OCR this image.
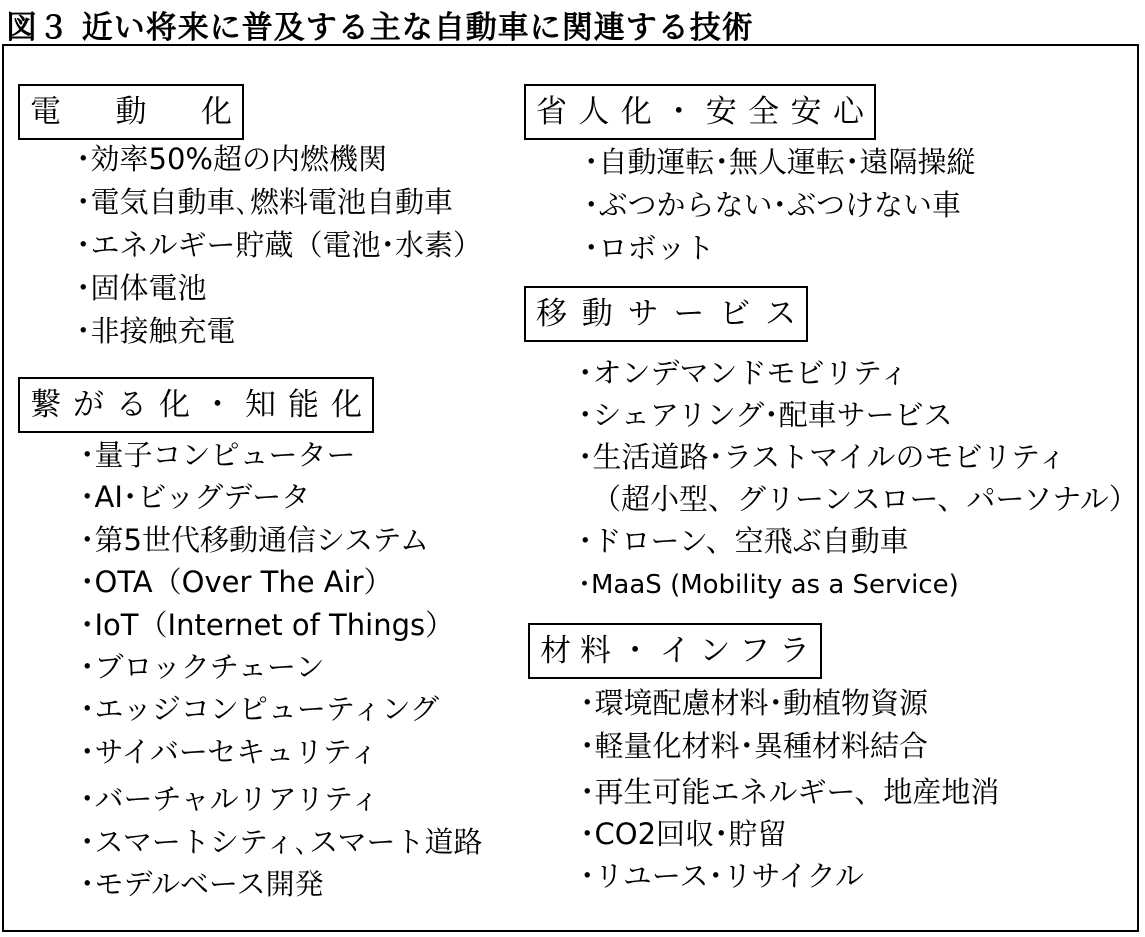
図３ 近い将来に普及する主な自動車に関連する技術
電 動 化
･効率50%超の内燃機関
･電気自動車､燃料電池自動車
･エネルギー貯蔵（電池･水素）
･固体電池
･非接触充電
繋 が る 化 ・ 知 能 化
･量子コンピューター
･AI･ビッグデータ
･第5世代移動通信システム
･OTA（Over The Air）
･IoT（Internet of Things）
･ブロックチェーン
･エッジコンピューティング
･サイバーセキュリティ
･バーチャルリアリティ
･スマートシティ､スマート道路
･モデルベース開発
省 人 化 ・ 安 全 安 心
･自動運転･無人運転･遠隔操縦
･ぶつからない･ぶつけない車
･ロボット
移 動 サ ー ビ ス
･オンデマンドモビリティ
･シェアリング･配車サービス
･生活道路･ラストマイルのモビリティ
（超小型、グリーンスロー、パーソナル）
･ドローン、空飛ぶ自動車
･MaaS (Mobility as a Service)
材 料 ・ イ ン フ ラ
･環境配慮材料･動植物資源
･軽量化材料･異種材料結合
･再生可能エネルギー、地産地消
･CO2回収･貯留
･リユース･リサイクル
